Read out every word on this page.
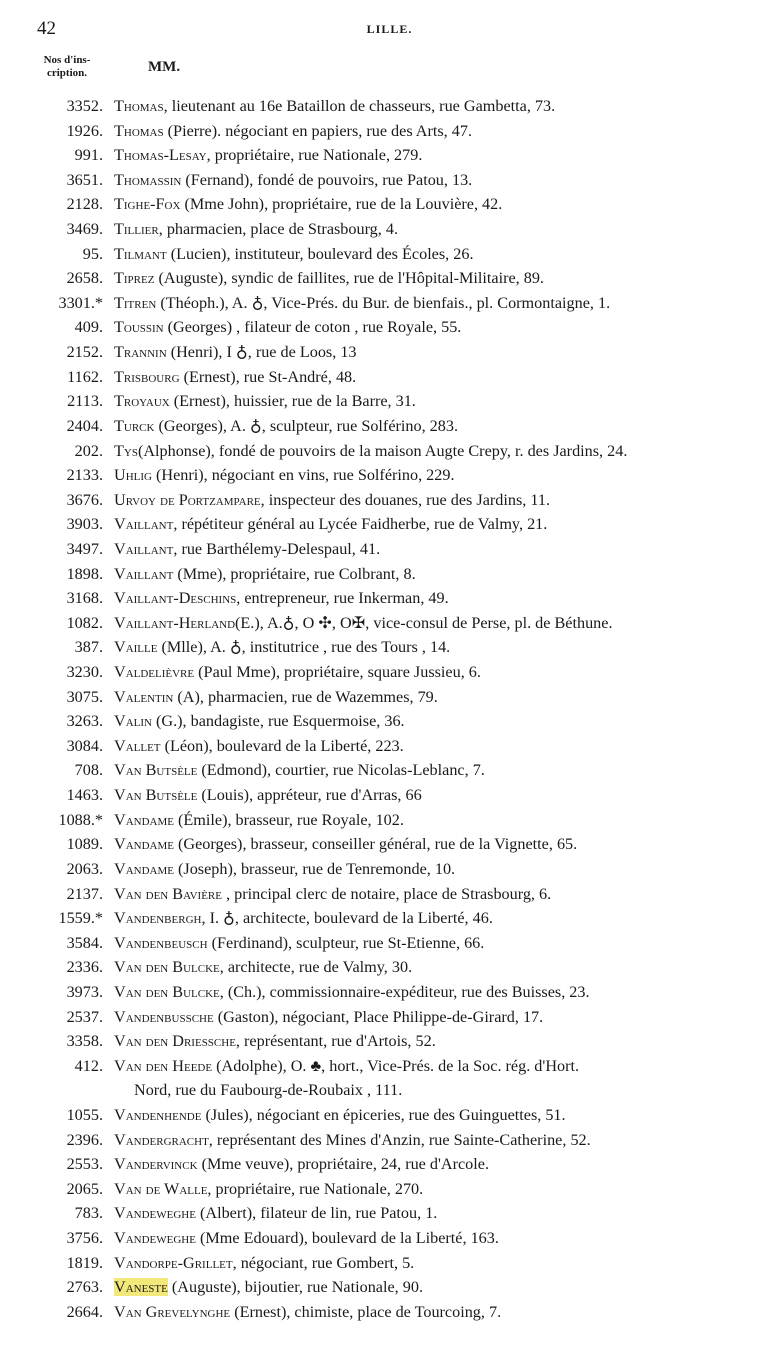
42	LILLE.
Nos d'ins-
cription.	MM.
3352. Thomas, lieutenant au 16e Bataillon de chasseurs, rue Gambetta, 73.
1926. Thomas (Pierre). négociant en papiers, rue des Arts, 47.
991. Thomas-Lesay, propriétaire, rue Nationale, 279.
3651. Thomassin (Fernand), fondé de pouvoirs, rue Patou, 13.
2128. Tighe-Fox (Mme John), propriétaire, rue de la Louvière, 42.
3469. Tillier, pharmacien, place de Strasbourg, 4.
95. Tilmant (Lucien), instituteur, boulevard des Écoles, 26.
2658. Tiprez (Auguste), syndic de faillites, rue de l'Hôpital-Militaire, 89.
3301.* Titren (Théoph.), A. ♁, Vice-Prés. du Bur. de bienfais., pl. Cormontaigne, 1.
409. Toussin (Georges) , filateur de coton , rue Royale, 55.
2152. Trannin (Henri), I ♁, rue de Loos, 13
1162. Trisbourg (Ernest), rue St-André, 48.
2113. Troyaux (Ernest), huissier, rue de la Barre, 31.
2404. Turck (Georges), A. ♁, sculpteur, rue Solférino, 283.
202. Tys(Alphonse), fondé de pouvoirs de la maison Augte Crepy, r. des Jardins, 24.
2133. Uhlig (Henri), négociant en vins, rue Solférino, 229.
3676. Urvoy de Portzampare, inspecteur des douanes, rue des Jardins, 11.
3903. Vaillant, répétiteur général au Lycée Faidherbe, rue de Valmy, 21.
3497. Vaillant, rue Barthélemy-Delespaul, 41.
1898. Vaillant (Mme), propriétaire, rue Colbrant, 8.
3168. Vaillant-Deschins, entrepreneur, rue Inkerman, 49.
1082. Vaillant-Herland(E.), A.♁, O ✣, O✠, vice-consul de Perse, pl. de Béthune.
387. Vaille (Mlle), A. ♁, institutrice , rue des Tours , 14.
3230. Valdelièvre (Paul Mme), propriétaire, square Jussieu, 6.
3075. Valentin (A), pharmacien, rue de Wazemmes, 79.
3263. Valin (G.), bandagiste, rue Esquermoise, 36.
3084. Vallet (Léon), boulevard de la Liberté, 223.
708. Van Butsèle (Edmond), courtier, rue Nicolas-Leblanc, 7.
1463. Van Butsèle (Louis), appréteur, rue d'Arras, 66
1088.* Vandame (Émile), brasseur, rue Royale, 102.
1089. Vandame (Georges), brasseur, conseiller général, rue de la Vignette, 65.
2063. Vandame (Joseph), brasseur, rue de Tenremonde, 10.
2137. Van den Bavière , principal clerc de notaire, place de Strasbourg, 6.
1559.* Vandenbergh, I. ♁, architecte, boulevard de la Liberté, 46.
3584. Vandenbeusch (Ferdinand), sculpteur, rue St-Etienne, 66.
2336. Van den Bulcke, architecte, rue de Valmy, 30.
3973. Van den Bulcke, (Ch.), commissionnaire-expéditeur, rue des Buisses, 23.
2537. Vandenbussche (Gaston), négociant, Place Philippe-de-Girard, 17.
3358. Van den Driessche, représentant, rue d'Artois, 52.
412. Van den Heede (Adolphe), O. ♣, hort., Vice-Prés. de la Soc. rég. d'Hort.
Nord, rue du Faubourg-de-Roubaix , 111.
1055. Vandenhende (Jules), négociant en épiceries, rue des Guinguettes, 51.
2396. Vandergracht, représentant des Mines d'Anzin, rue Sainte-Catherine, 52.
2553. Vandervinck (Mme veuve), propriétaire, 24, rue d'Arcole.
2065. Van de Walle, propriétaire, rue Nationale, 270.
783. Vandeweghe (Albert), filateur de lin, rue Patou, 1.
3756. Vandeweghe (Mme Edouard), boulevard de la Liberté, 163.
1819. Vandorpe-Grillet, négociant, rue Gombert, 5.
2763. Vaneste (Auguste), bijoutier, rue Nationale, 90.
2664. Van Grevelynghe (Ernest), chimiste, place de Tourcoing, 7.
